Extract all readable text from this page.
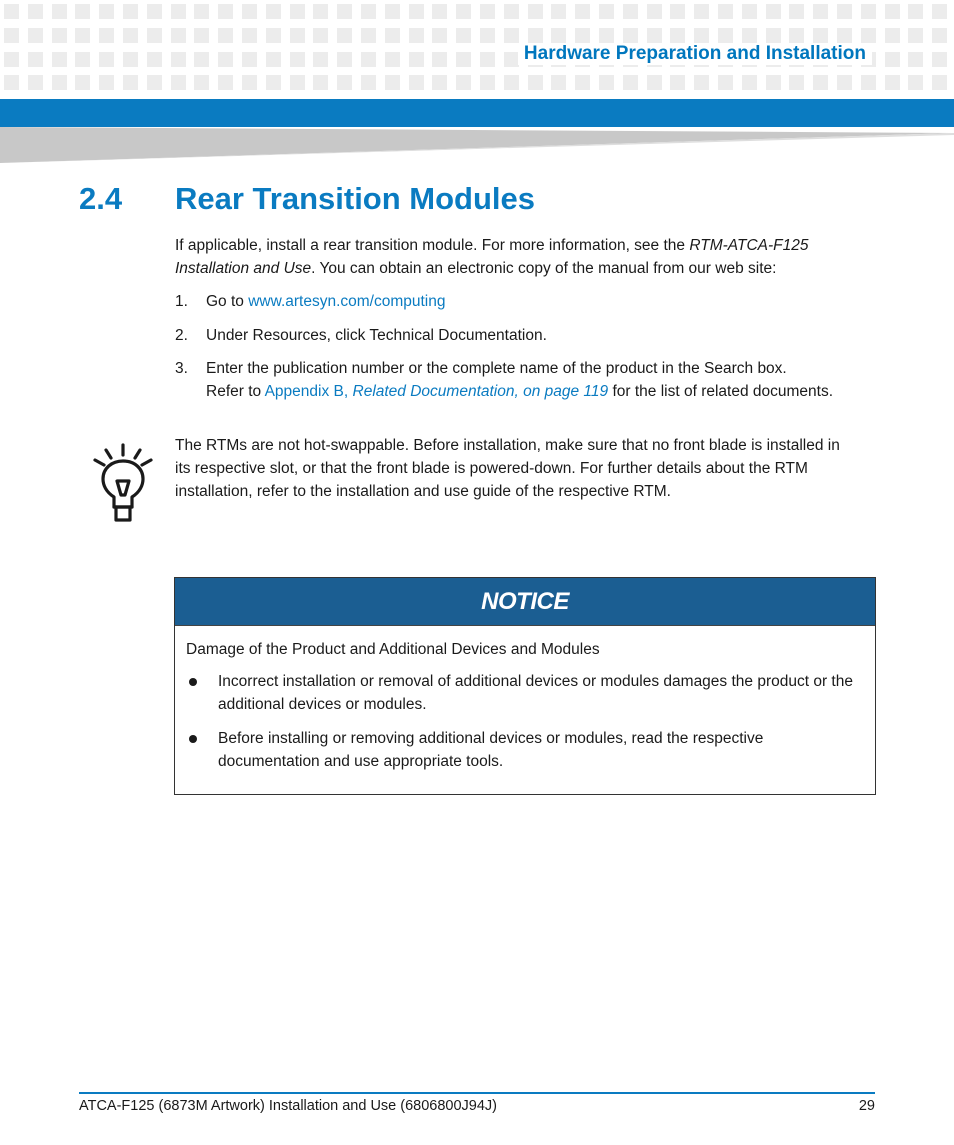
Hardware Preparation and Installation
2.4 Rear Transition Modules
If applicable, install a rear transition module. For more information, see the RTM-ATCA-F125
Installation and Use. You can obtain an electronic copy of the manual from our web site:
1.	Go to www.artesyn.com/computing
2.	Under Resources, click Technical Documentation.
3.	Enter the publication number or the complete name of the product in the Search box.
Refer to Appendix B, Related Documentation, on page 119 for the list of related documents.
The RTMs are not hot-swappable. Before installation, make sure that no front blade is installed in its respective slot, or that the front blade is powered-down. For further details about the RTM installation, refer to the installation and use guide of the respective RTM.
NOTICE
Damage of the Product and Additional Devices and Modules
Incorrect installation or removal of additional devices or modules damages the product or the additional devices or modules.
Before installing or removing additional devices or modules, read the respective documentation and use appropriate tools.
ATCA-F125 (6873M Artwork) Installation and Use (6806800J94J)	29
